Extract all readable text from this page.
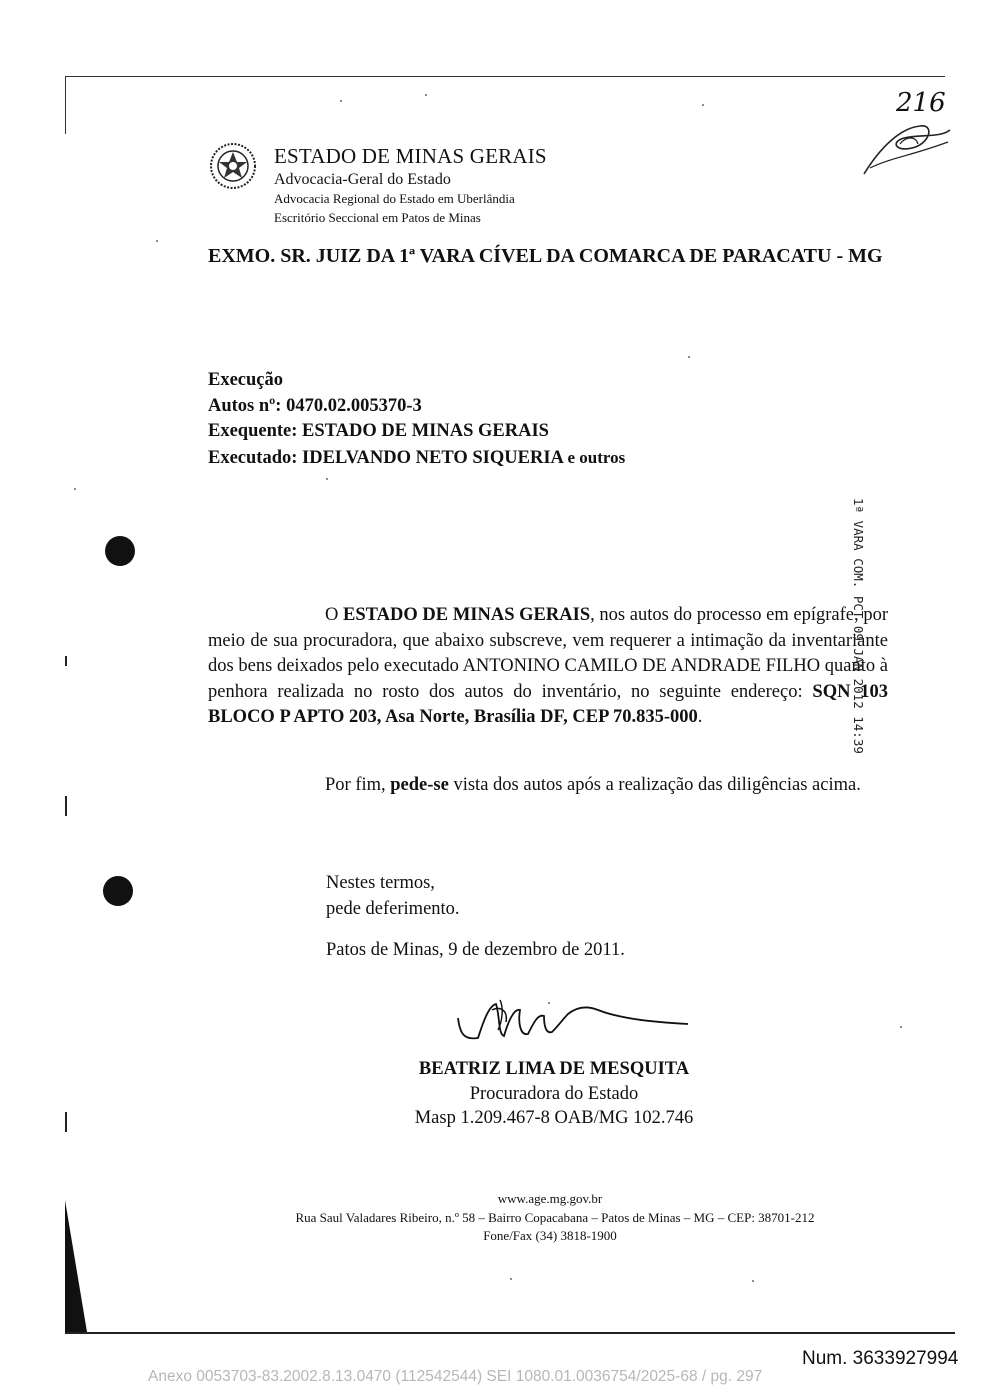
216
ESTADO DE MINAS GERAIS
Advocacia-Geral do Estado
Advocacia Regional do Estado em Uberlândia
Escritório Seccional em Patos de Minas
EXMO. SR. JUIZ DA 1ª VARA CÍVEL DA COMARCA DE PARACATU - MG
Execução
Autos nº: 0470.02.005370-3
Exequente: ESTADO DE MINAS GERAIS
Executado: IDELVANDO NETO SIQUERIA e outros

O ESTADO DE MINAS GERAIS, nos autos do processo em epígrafe, por meio de sua procuradora, que abaixo subscreve, vem requerer a intimação da inventariante dos bens deixados pelo executado ANTONINO CAMILO DE ANDRADE FILHO quanto à penhora realizada no rosto dos autos do inventário, no seguinte endereço: SQN 103 BLOCO P APTO 203, Asa Norte, Brasília DF, CEP 70.835-000.

Por fim, pede-se vista dos autos após a realização das diligências acima.

1ª VARA COM. PCT 09 JAN 2012 14:39
Nestes termos,
pede deferimento.
Patos de Minas, 9 de dezembro de 2011.
BEATRIZ LIMA DE MESQUITA
Procuradora do Estado
Masp 1.209.467-8 OAB/MG 102.746
www.age.mg.gov.br
Rua Saul Valadares Ribeiro, n.º 58 – Bairro Copacabana – Patos de Minas – MG – CEP: 38701-212
Fone/Fax (34) 3818-1900
Num. 3633927994
Anexo 0053703-83.2002.8.13.0470 (112542544) SEI 1080.01.0036754/2025-68 / pg. 297
